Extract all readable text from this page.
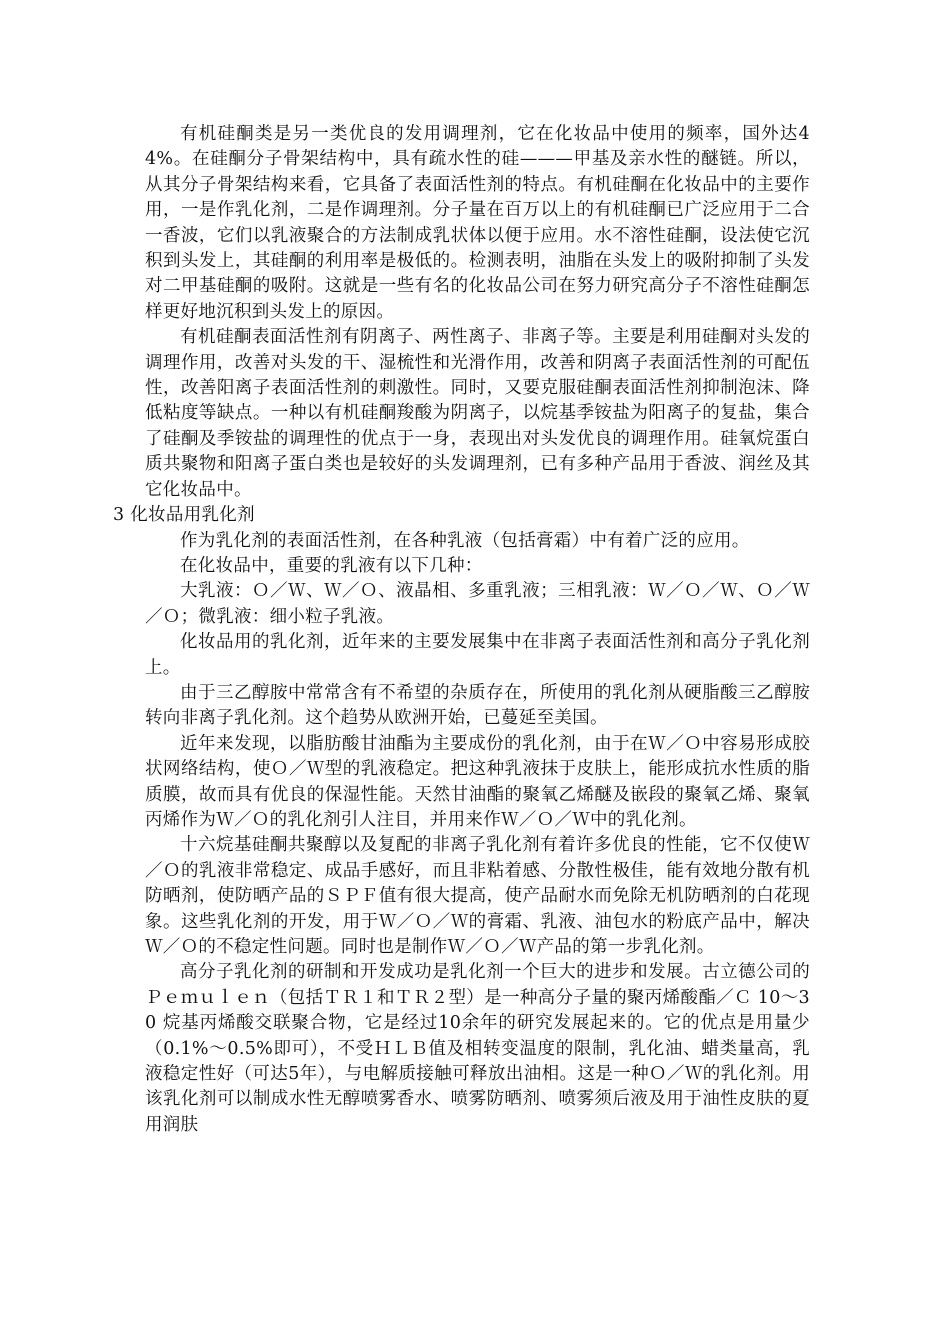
有机硅酮类是另一类优良的发用调理剂，它在化妆品中使用的频率，国外达44%。在硅酮分子骨架结构中，具有疏水性的硅———甲基及亲水性的醚链。所以，从其分子骨架结构来看，它具备了表面活性剂的特点。有机硅酮在化妆品中的主要作用，一是作乳化剂，二是作调理剂。分子量在百万以上的有机硅酮已广泛应用于二合一香波，它们以乳液聚合的方法制成乳状体以便于应用。水不溶性硅酮，设法使它沉积到头发上，其硅酮的利用率是极低的。检测表明，油脂在头发上的吸附抑制了头发对二甲基硅酮的吸附。这就是一些有名的化妆品公司在努力研究高分子不溶性硅酮怎样更好地沉积到头发上的原因。

有机硅酮表面活性剂有阴离子、两性离子、非离子等。主要是利用硅酮对头发的调理作用，改善对头发的干、湿梳性和光滑作用，改善和阴离子表面活性剂的可配伍性，改善阳离子表面活性剂的刺激性。同时，又要克服硅酮表面活性剂抑制泡沫、降低粘度等缺点。一种以有机硅酮羧酸为阴离子，以烷基季铵盐为阳离子的复盐，集合了硅酮及季铵盐的调理性的优点于一身，表现出对头发优良的调理作用。硅氧烷蛋白质共聚物和阳离子蛋白类也是较好的头发调理剂，已有多种产品用于香波、润丝及其它化妆品中。

3 化妆品用乳化剂

作为乳化剂的表面活性剂，在各种乳液（包括膏霜）中有着广泛的应用。

在化妆品中，重要的乳液有以下几种：

大乳液：Ｏ／Ｗ、Ｗ／Ｏ、液晶相、多重乳液；三相乳液：Ｗ／Ｏ／Ｗ、Ｏ／Ｗ／Ｏ；微乳液：细小粒子乳液。

化妆品用的乳化剂，近年来的主要发展集中在非离子表面活性剂和高分子乳化剂上。

由于三乙醇胺中常常含有不希望的杂质存在，所使用的乳化剂从硬脂酸三乙醇胺转向非离子乳化剂。这个趋势从欧洲开始，已蔓延至美国。

近年来发现，以脂肪酸甘油酯为主要成份的乳化剂，由于在Ｗ／Ｏ中容易形成胶状网络结构，使Ｏ／Ｗ型的乳液稳定。把这种乳液抹于皮肤上，能形成抗水性质的脂质膜，故而具有优良的保湿性能。天然甘油酯的聚氧乙烯醚及嵌段的聚氧乙烯、聚氧丙烯作为Ｗ／Ｏ的乳化剂引人注目，并用来作Ｗ／Ｏ／Ｗ中的乳化剂。

十六烷基硅酮共聚醇以及复配的非离子乳化剂有着许多优良的性能，它不仅使Ｗ／Ｏ的乳液非常稳定、成品手感好，而且非粘着感、分散性极佳，能有效地分散有机防晒剂，使防晒产品的ＳＰＦ值有很大提高，使产品耐水而免除无机防晒剂的白花现象。这些乳化剂的开发，用于Ｗ／Ｏ／Ｗ的膏霜、乳液、油包水的粉底产品中，解决Ｗ／Ｏ的不稳定性问题。同时也是制作Ｗ／Ｏ／Ｗ产品的第一步乳化剂。

高分子乳化剂的研制和开发成功是乳化剂一个巨大的进步和发展。古立德公司的Ｐｅｍｕｌｅｎ（包括ＴＲ１和ＴＲ２型）是一种高分子量的聚丙烯酸酯／Ｃ 10～30 烷基丙烯酸交联聚合物，它是经过10余年的研究发展起来的。它的优点是用量少（0.1%～0.5%即可），不受ＨＬＢ值及相转变温度的限制，乳化油、蜡类量高，乳液稳定性好（可达5年），与电解质接触可释放出油相。这是一种Ｏ／Ｗ的乳化剂。用该乳化剂可以制成水性无醇喷雾香水、喷雾防晒剂、喷雾须后液及用于油性皮肤的夏用润肤
